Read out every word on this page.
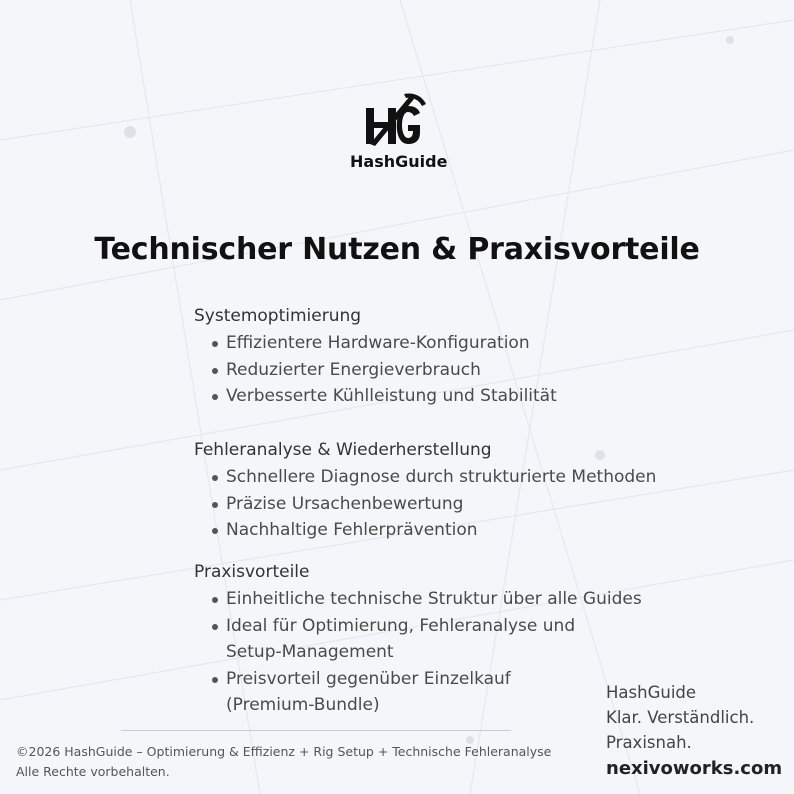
HashGuide
Technischer Nutzen & Praxisvorteile
Systemoptimierung
Effizientere Hardware-Konfiguration
Reduzierter Energieverbrauch
Verbesserte Kühlleistung und Stabilität
Fehleranalyse & Wiederherstellung
Schnellere Diagnose durch strukturierte Methoden
Präzise Ursachenbewertung
Nachhaltige Fehlerprävention
Praxisvorteile
Einheitliche technische Struktur über alle Guides
Ideal für Optimierung, Fehleranalyse und
Setup-Management
Preisvorteil gegenüber Einzelkauf
(Premium-Bundle)
©2026 HashGuide – Optimierung & Effizienz + Rig Setup + Technische Fehleranalyse
Alle Rechte vorbehalten.
HashGuide
Klar. Verständlich.
Praxisnah.
nexivoworks.com
